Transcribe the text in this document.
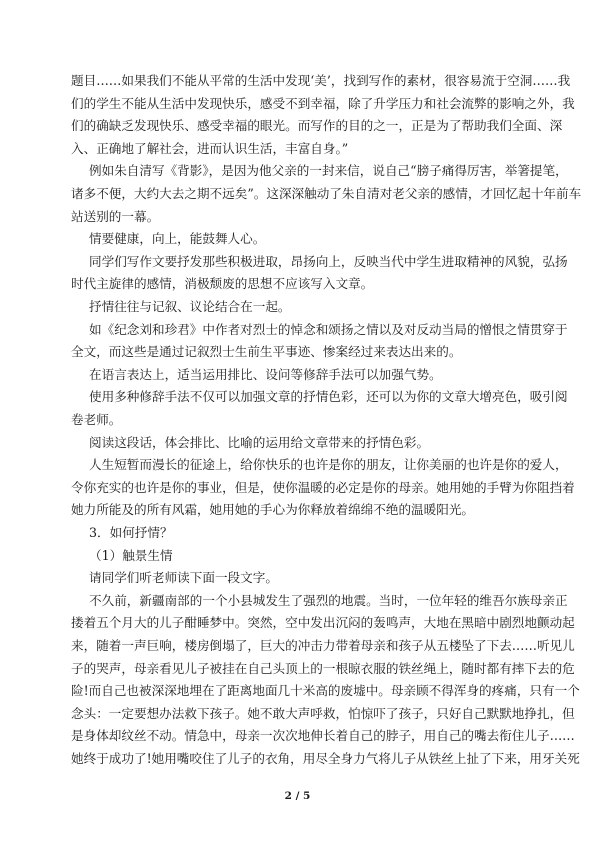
题目……如果我们不能从平常的生活中发现‘美’，找到写作的素材，很容易流于空洞……我
们的学生不能从生活中发现快乐，感受不到幸福，除了升学压力和社会流弊的影响之外，我
们的确缺乏发现快乐、感受幸福的眼光。而写作的目的之一，正是为了帮助我们全面、深
入、正确地了解社会，进而认识生活，丰富自身。”
例如朱自清写《背影》，是因为他父亲的一封来信，说自己“膀子痛得厉害，举箸提笔，
诸多不便，大约大去之期不远矣”。这深深触动了朱自清对老父亲的感情，才回忆起十年前车
站送别的一幕。
情要健康，向上，能鼓舞人心。
同学们写作文要抒发那些积极进取，昂扬向上，反映当代中学生进取精神的风貌，弘扬
时代主旋律的感情，消极颓废的思想不应该写入文章。
抒情往往与记叙、议论结合在一起。
如《纪念刘和珍君》中作者对烈士的悼念和颂扬之情以及对反动当局的憎恨之情贯穿于
全文，而这些是通过记叙烈士生前生平事迹、惨案经过来表达出来的。
在语言表达上，适当运用排比、设问等修辞手法可以加强气势。
使用多种修辞手法不仅可以加强文章的抒情色彩，还可以为你的文章大增亮色，吸引阅
卷老师。
阅读这段话，体会排比、比喻的运用给文章带来的抒情色彩。
人生短暂而漫长的征途上，给你快乐的也许是你的朋友，让你美丽的也许是你的爱人，
令你充实的也许是你的事业，但是，使你温暖的必定是你的母亲。她用她的手臂为你阻挡着
她力所能及的所有风霜，她用她的手心为你释放着绵绵不绝的温暖阳光。
3．如何抒情？
（1）触景生情
请同学们听老师读下面一段文字。
不久前，新疆南部的一个小县城发生了强烈的地震。当时，一位年轻的维吾尔族母亲正
搂着五个月大的儿子酣睡梦中。突然，空中发出沉闷的轰鸣声，大地在黑暗中剧烈地颤动起
来，随着一声巨响，楼房倒塌了，巨大的冲击力带着母亲和孩子从五楼坠了下去……听见儿
子的哭声，母亲看见儿子被挂在自己头顶上的一根晾衣服的铁丝绳上，随时都有摔下去的危
险!而自己也被深深地埋在了距离地面几十米高的废墟中。母亲顾不得浑身的疼痛，只有一个
念头：一定要想办法救下孩子。她不敢大声呼救，怕惊吓了孩子，只好自己默默地挣扎，但
是身体却纹丝不动。情急中，母亲一次次地伸长着自己的脖子，用自己的嘴去衔住儿子……
她终于成功了!她用嘴咬住了儿子的衣角，用尽全身力气将儿子从铁丝上扯了下来，用牙关死
2 / 5
